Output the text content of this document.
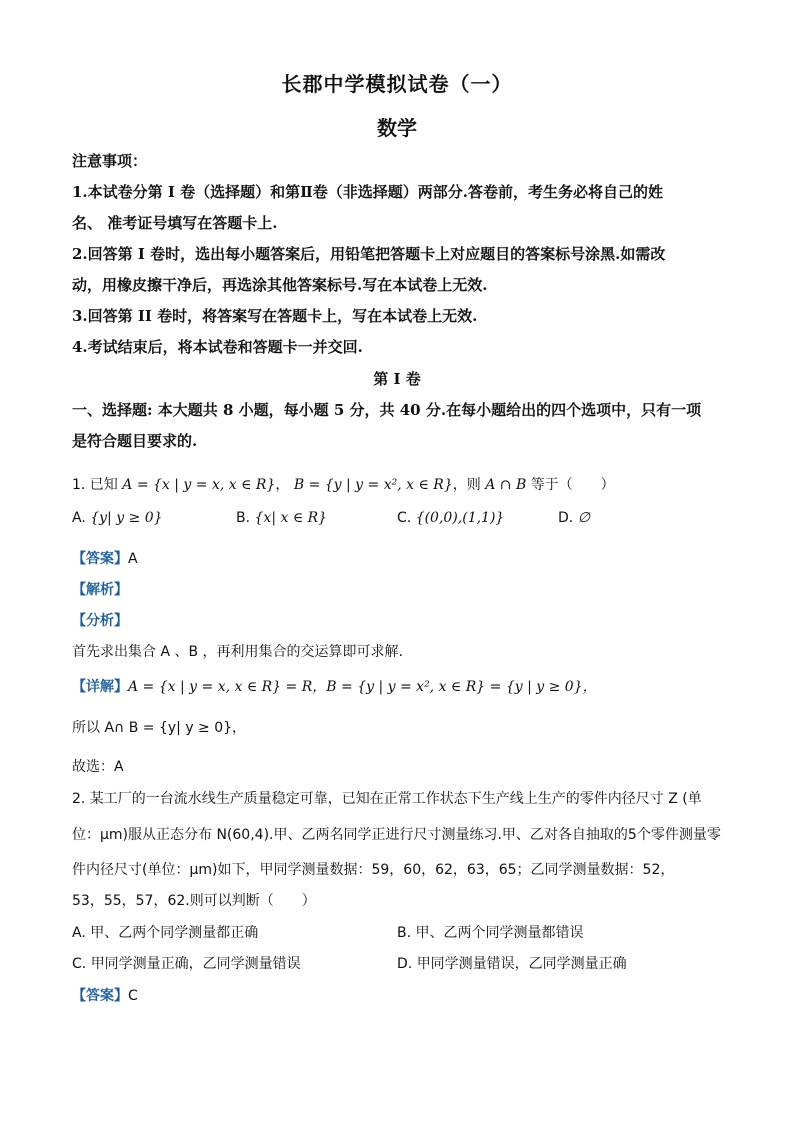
长郡中学模拟试卷（一）
数学
注意事项：
1.本试卷分第 I 卷（选择题）和第Ⅱ卷（非选择题）两部分.答卷前，考生务必将自己的姓
名、 准考证号填写在答题卡上.
2.回答第 I 卷时，选出每小题答案后，用铅笔把答题卡上对应题目的答案标号涂黑.如需改
动，用橡皮擦干净后，再选涂其他答案标号.写在本试卷上无效.
3.回答第 II 卷时，将答案写在答题卡上，写在本试卷上无效.
4.考试结束后，将本试卷和答题卡一并交回.
第 I 卷
一、选择题: 本大题共 8 小题，每小题 5 分，共 40 分.在每小题给出的四个选项中，只有一项
是符合题目要求的.
1. 已知 A = {x | y = x, x ∈ R}， B = {y | y = x², x ∈ R}，则 A ∩ B 等于（　　）
A. {y| y ≥ 0}	B. {x| x ∈ R}	C. {(0,0),(1,1)}	D. ∅
【答案】A
【解析】
【分析】
首先求出集合 A 、B ，再利用集合的交运算即可求解.
【详解】A = {x | y = x, x ∈ R} = R，B = {y | y = x², x ∈ R} = {y | y ≥ 0}，
所以 A∩ B = {y| y ≥ 0}，
故选：A
2. 某工厂的一台流水线生产质量稳定可靠，已知在正常工作状态下生产线上生产的零件内径尺寸 Z (单
位：μm)服从正态分布 N(60,4).甲、乙两名同学正进行尺寸测量练习.甲、乙对各自抽取的5个零件测量零
件内径尺寸(单位：μm)如下，甲同学测量数据：59，60，62，63，65；乙同学测量数据：52，
53，55，57，62.则可以判断（　　）
A. 甲、乙两个同学测量都正确	B. 甲、乙两个同学测量都错误
C. 甲同学测量正确，乙同学测量错误	D. 甲同学测量错误，乙同学测量正确
【答案】C
